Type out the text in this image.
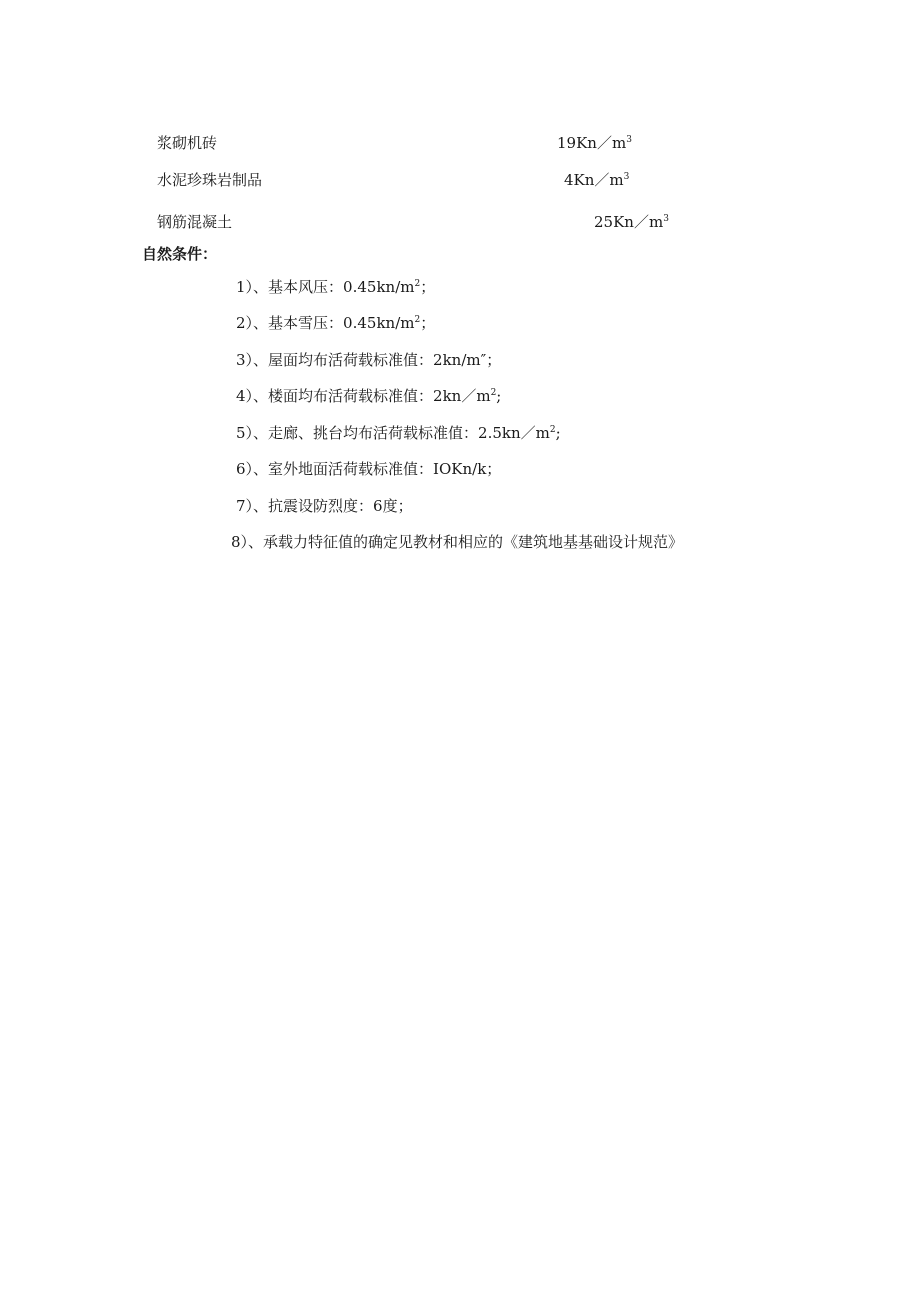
浆砌机砖	$19Kn/m^3$
水泥珍珠岩制品	$4Kn/m^3$
钢筋混凝土	$25Kn/m^3$
自然条件：
1）、基本风压：$0.45kn/m^2$；
2）、基本雪压：$0.45kn/m^2$；
3）、屋面均布活荷载标准值：2kn/m″；
4）、楼面均布活荷载标准值：$2kn/m^2$;
5）、走廊、挑台均布活荷载标准值：$2.5kn/m^2$;
6）、室外地面活荷载标准值：IOKn/k；
7）、抗震设防烈度：6度；
8）、承载力特征值的确定见教材和相应的《建筑地基基础设计规范》
